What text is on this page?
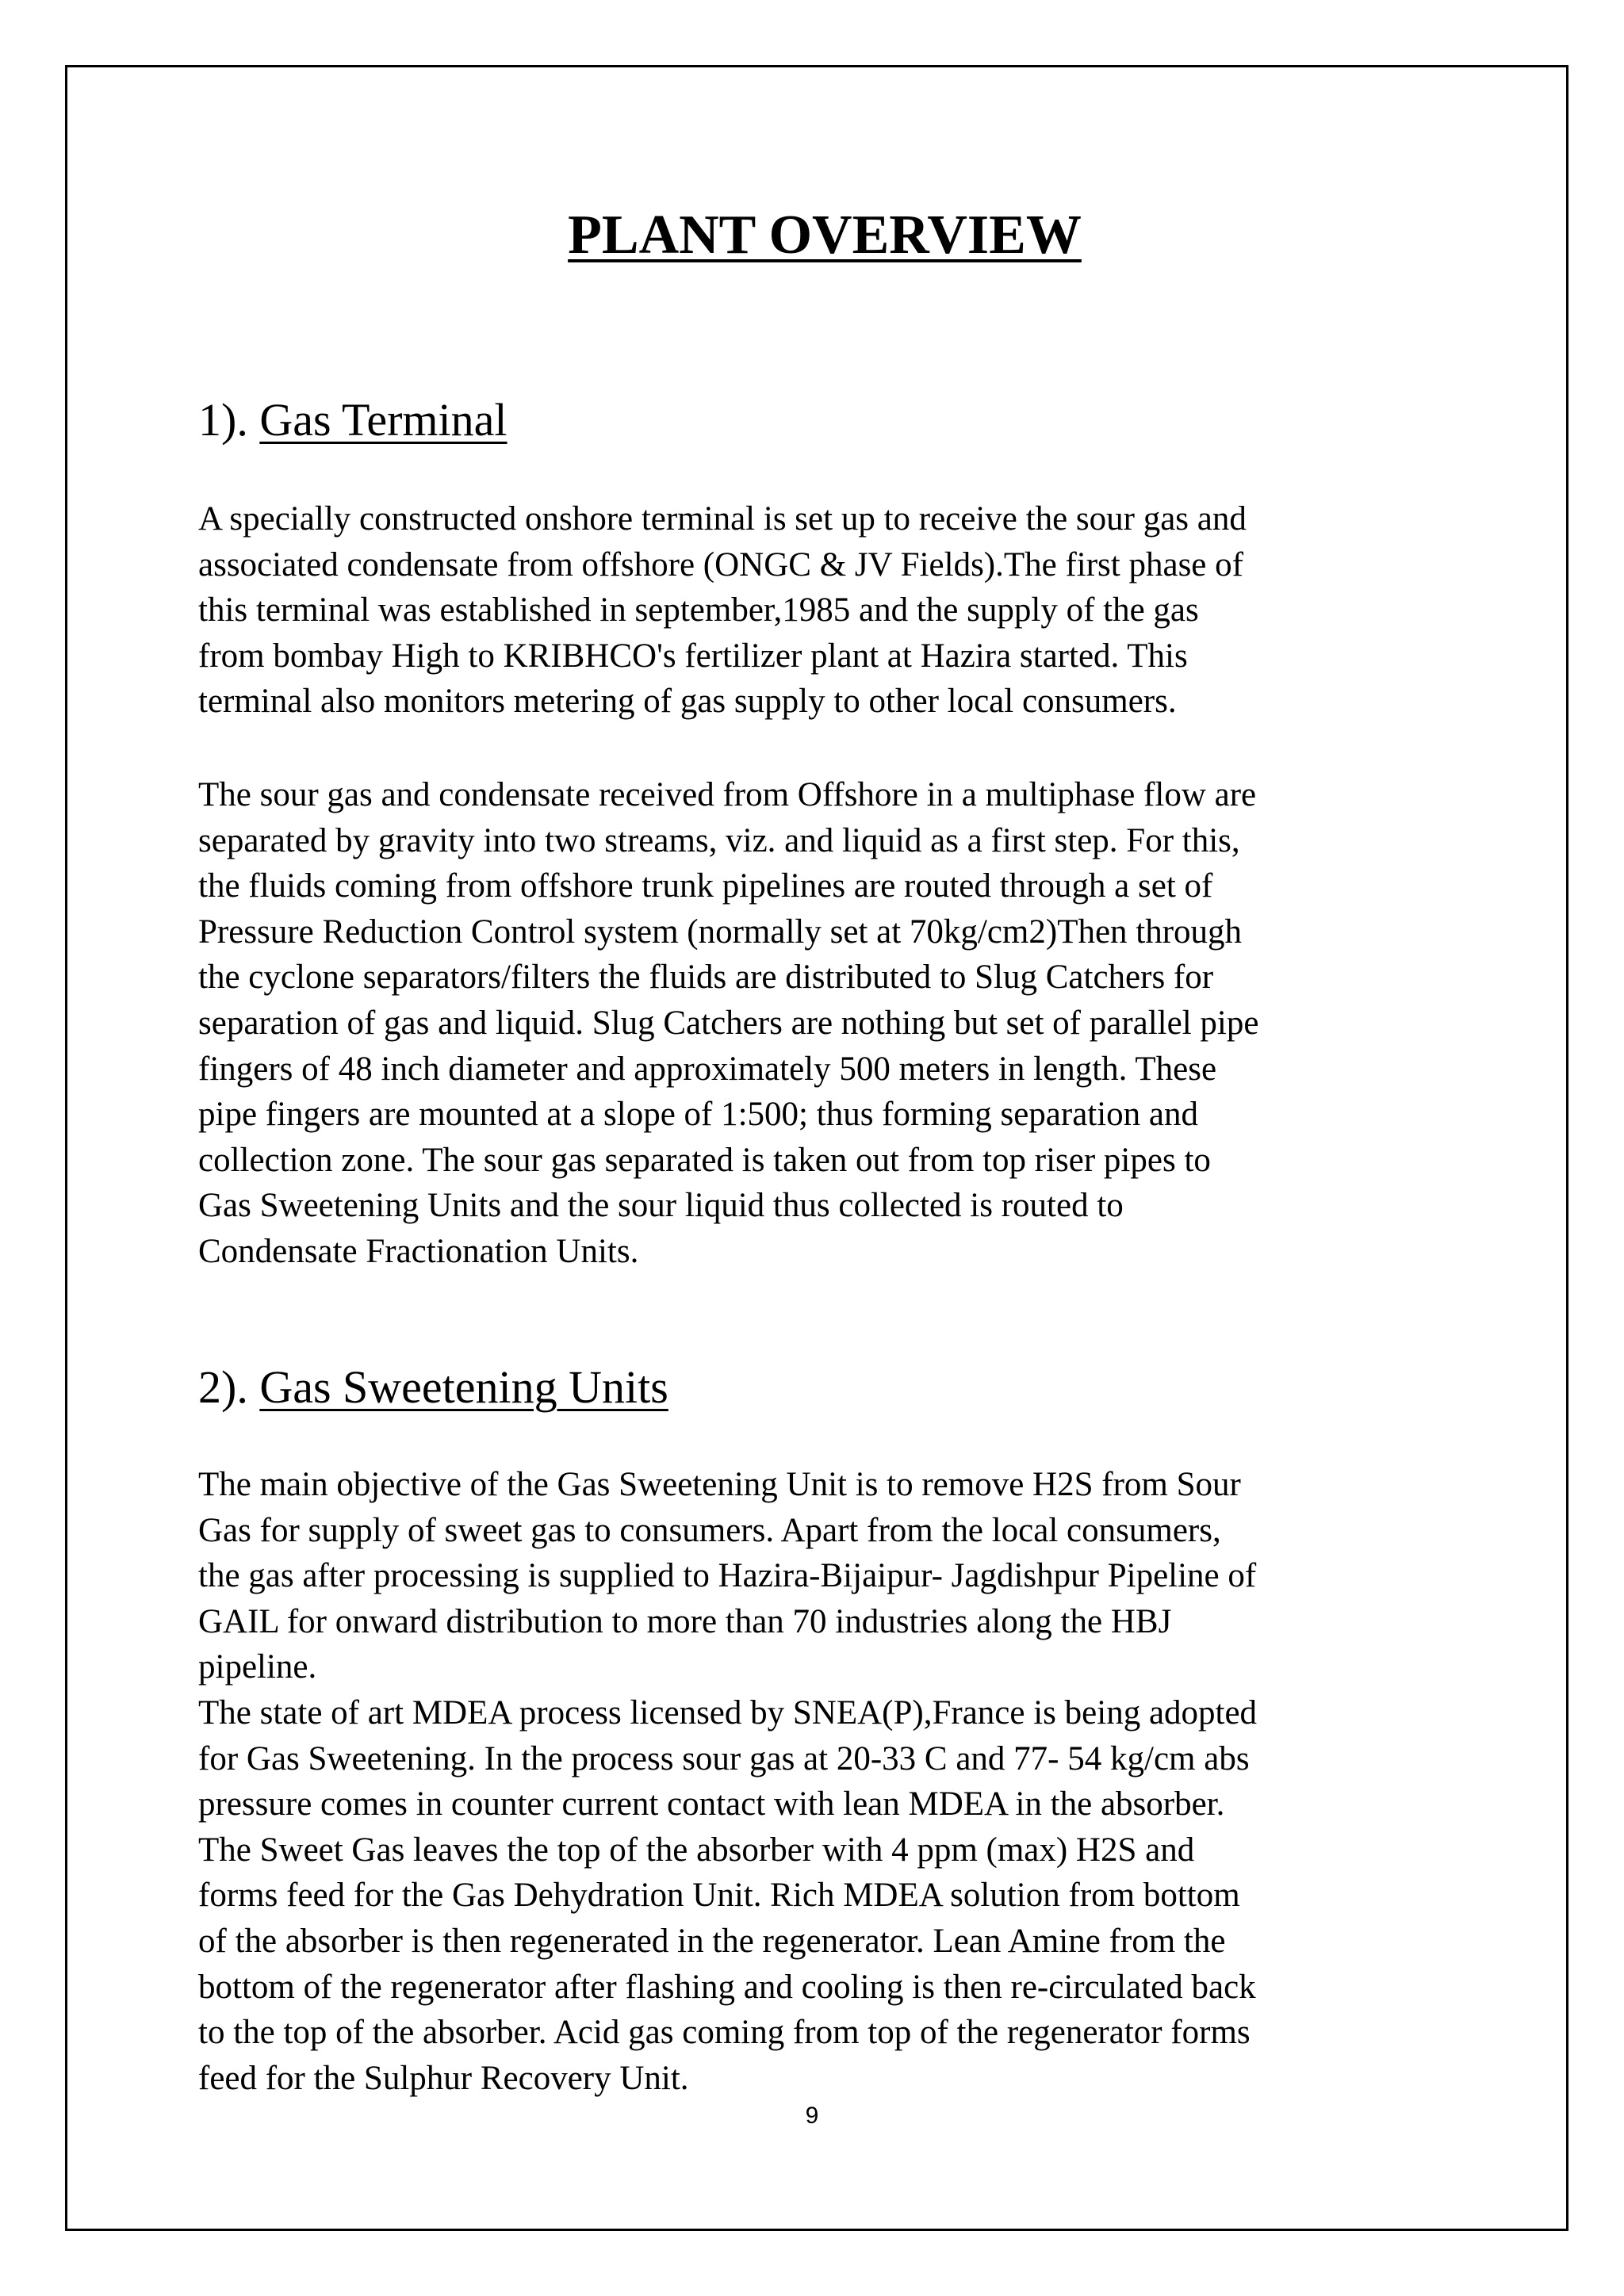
PLANT OVERVIEW
1). Gas Terminal
A specially constructed onshore terminal is set up to receive the sour gas and
associated condensate from offshore (ONGC & JV Fields).The first phase of
this terminal was established in september,1985 and the supply of the gas
from bombay High to KRIBHCO's fertilizer plant at Hazira started. This
terminal also monitors metering of gas supply to other local consumers.
The sour gas and condensate received from Offshore in a multiphase flow are
separated by gravity into two streams, viz. and liquid as a first step. For this,
the fluids coming from offshore trunk pipelines are routed through a set of
Pressure Reduction Control system (normally set at 70kg/cm2)Then through
the cyclone separators/filters the fluids are distributed to Slug Catchers for
separation of gas and liquid. Slug Catchers are nothing but set of parallel pipe
fingers of 48 inch diameter and approximately 500 meters in length. These
pipe fingers are mounted at a slope of 1:500; thus forming separation and
collection zone. The sour gas separated is taken out from top riser pipes to
Gas Sweetening Units and the sour liquid thus collected is routed to
Condensate Fractionation Units.
2). Gas Sweetening Units
The main objective of the Gas Sweetening Unit is to remove H2S from Sour
Gas for supply of sweet gas to consumers. Apart from the local consumers,
the gas after processing is supplied to Hazira-Bijaipur- Jagdishpur Pipeline of
GAIL for onward distribution to more than 70 industries along the HBJ
pipeline.
The state of art MDEA process licensed by SNEA(P),France is being adopted
for Gas Sweetening. In the process sour gas at 20-33 C and 77- 54 kg/cm abs
pressure comes in counter current contact with lean MDEA in the absorber.
The Sweet Gas leaves the top of the absorber with 4 ppm (max) H2S and
forms feed for the Gas Dehydration Unit. Rich MDEA solution from bottom
of the absorber is then regenerated in the regenerator. Lean Amine from the
bottom of the regenerator after flashing and cooling is then re-circulated back
to the top of the absorber. Acid gas coming from top of the regenerator forms
feed for the Sulphur Recovery Unit.

9
